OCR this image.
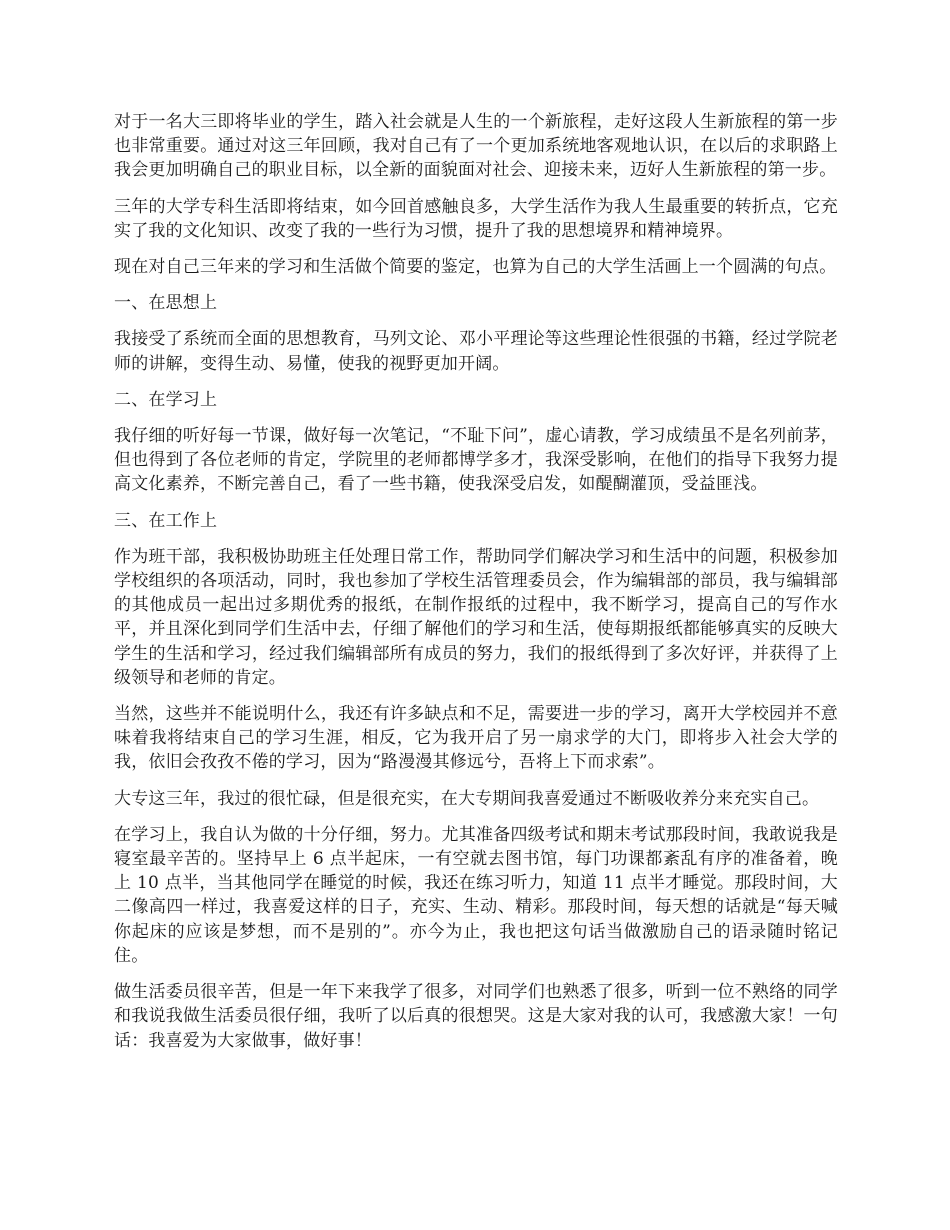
对于一名大三即将毕业的学生，踏入社会就是人生的一个新旅程，走好这段人生新旅程的第一步也非常重要。通过对这三年回顾，我对自己有了一个更加系统地客观地认识，在以后的求职路上我会更加明确自己的职业目标，以全新的面貌面对社会、迎接未来，迈好人生新旅程的第一步。

三年的大学专科生活即将结束，如今回首感触良多，大学生活作为我人生最重要的转折点，它充实了我的文化知识、改变了我的一些行为习惯，提升了我的思想境界和精神境界。

现在对自己三年来的学习和生活做个简要的鉴定，也算为自己的大学生活画上一个圆满的句点。

一、在思想上

我接受了系统而全面的思想教育，马列文论、邓小平理论等这些理论性很强的书籍，经过学院老师的讲解，变得生动、易懂，使我的视野更加开阔。

二、在学习上

我仔细的听好每一节课，做好每一次笔记，“不耻下问”，虚心请教，学习成绩虽不是名列前茅，但也得到了各位老师的肯定，学院里的老师都博学多才，我深受影响，在他们的指导下我努力提高文化素养，不断完善自己，看了一些书籍，使我深受启发，如醍醐灌顶，受益匪浅。

三、在工作上

作为班干部，我积极协助班主任处理日常工作，帮助同学们解决学习和生活中的问题，积极参加学校组织的各项活动，同时，我也参加了学校生活管理委员会，作为编辑部的部员，我与编辑部的其他成员一起出过多期优秀的报纸，在制作报纸的过程中，我不断学习，提高自己的写作水平，并且深化到同学们生活中去，仔细了解他们的学习和生活，使每期报纸都能够真实的反映大学生的生活和学习，经过我们编辑部所有成员的努力，我们的报纸得到了多次好评，并获得了上级领导和老师的肯定。

当然，这些并不能说明什么，我还有许多缺点和不足，需要进一步的学习，离开大学校园并不意味着我将结束自己的学习生涯，相反，它为我开启了另一扇求学的大门，即将步入社会大学的我，依旧会孜孜不倦的学习，因为“路漫漫其修远兮，吾将上下而求索”。

大专这三年，我过的很忙碌，但是很充实，在大专期间我喜爱通过不断吸收养分来充实自己。

在学习上，我自认为做的十分仔细，努力。尤其准备四级考试和期末考试那段时间，我敢说我是寝室最辛苦的。坚持早上 6 点半起床，一有空就去图书馆，每门功课都紊乱有序的准备着，晚上 10 点半，当其他同学在睡觉的时候，我还在练习听力，知道 11 点半才睡觉。那段时间，大二像高四一样过，我喜爱这样的日子，充实、生动、精彩。那段时间，每天想的话就是“每天喊你起床的应该是梦想，而不是别的”。亦今为止，我也把这句话当做激励自己的语录随时铭记住。

做生活委员很辛苦，但是一年下来我学了很多，对同学们也熟悉了很多，听到一位不熟络的同学和我说我做生活委员很仔细，我听了以后真的很想哭。这是大家对我的认可，我感激大家！一句话：我喜爱为大家做事，做好事！
